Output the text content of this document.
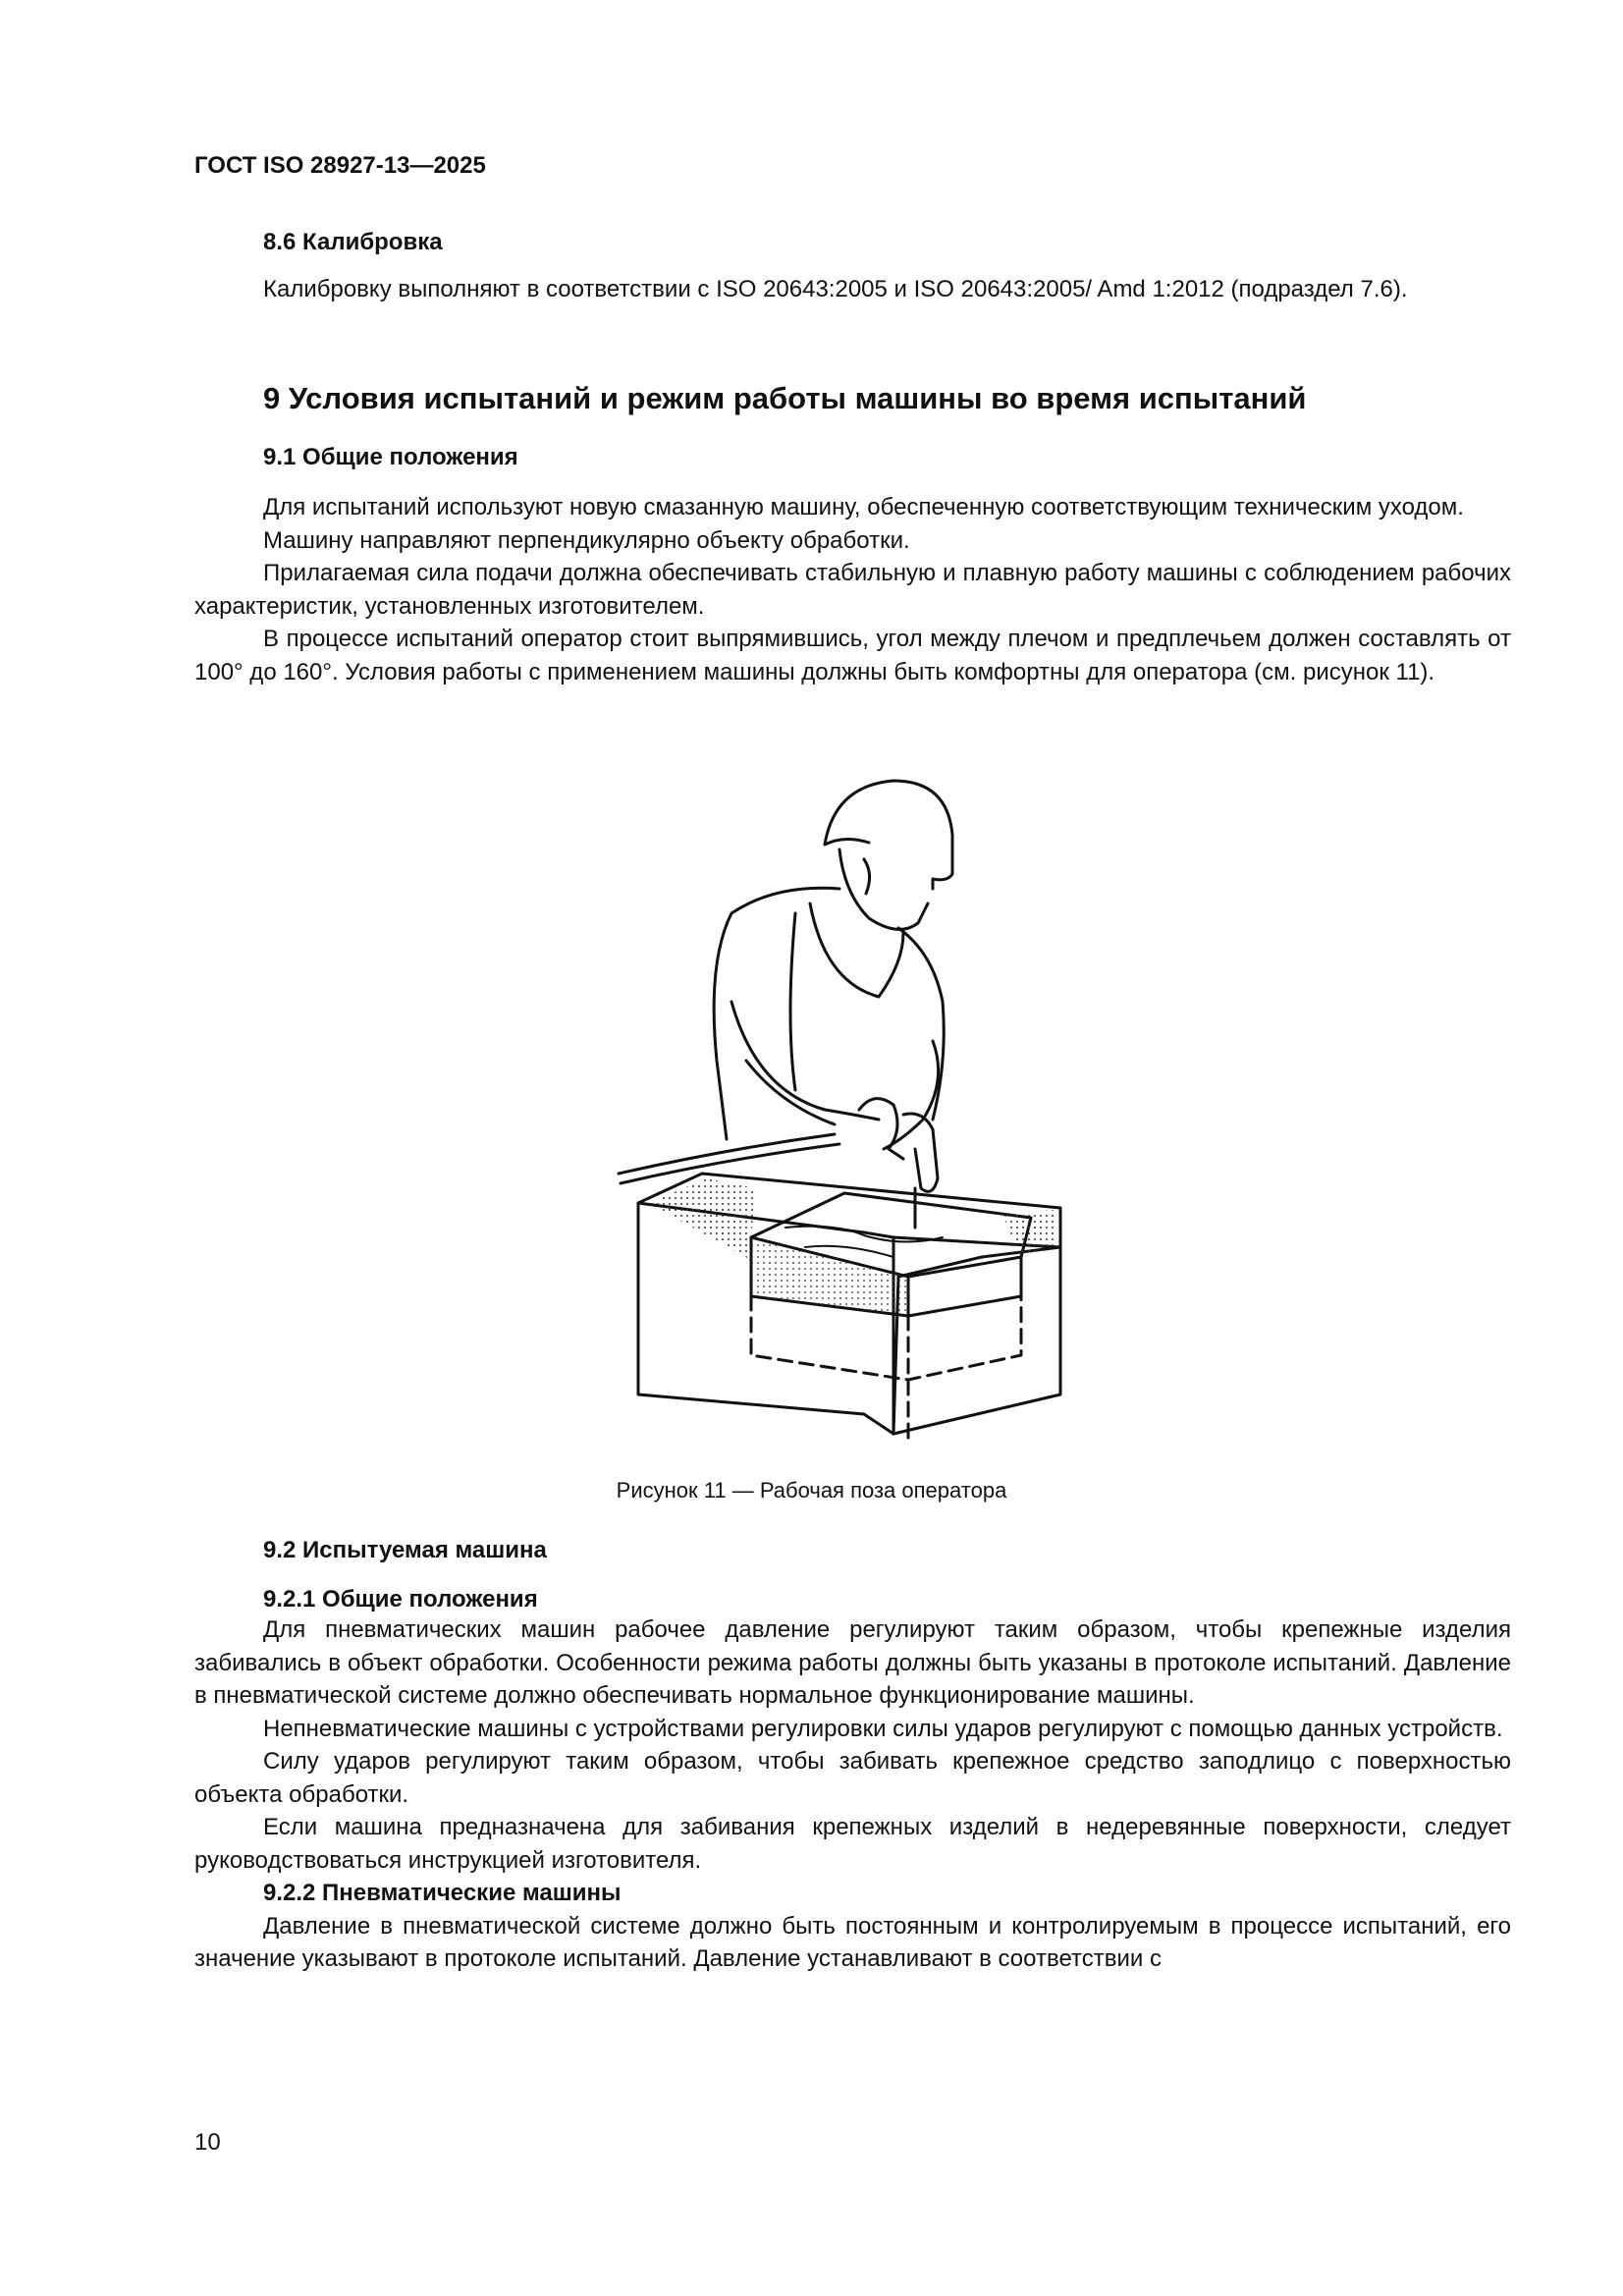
ГОСТ ISO 28927-13—2025
8.6 Калибровка

Калибровку выполняют в соответствии с ISO 20643:2005 и ISO 20643:2005/ Amd 1:2012 (подраздел 7.6).

9 Условия испытаний и режим работы машины во время испытаний
9.1 Общие положения

Для испытаний используют новую смазанную машину, обеспеченную соответствующим техническим уходом.

Машину направляют перпендикулярно объекту обработки.

Прилагаемая сила подачи должна обеспечивать стабильную и плавную работу машины с соблюдением рабочих характеристик, установленных изготовителем.

В процессе испытаний оператор стоит выпрямившись, угол между плечом и предплечьем должен составлять от 100° до 160°. Условия работы с применением машины должны быть комфортны для оператора (см. рисунок 11).

Рисунок 11 — Рабочая поза оператора
9.2 Испытуемая машина
9.2.1 Общие положения

Для пневматических машин рабочее давление регулируют таким образом, чтобы крепежные изделия забивались в объект обработки. Особенности режима работы должны быть указаны в протоколе испытаний. Давление в пневматической системе должно обеспечивать нормальное функционирование машины.

Непневматические машины с устройствами регулировки силы ударов регулируют с помощью данных устройств.

Силу ударов регулируют таким образом, чтобы забивать крепежное средство заподлицо с поверхностью объекта обработки.

Если машина предназначена для забивания крепежных изделий в недеревянные поверхности, следует руководствоваться инструкцией изготовителя.

9.2.2 Пневматические машины

Давление в пневматической системе должно быть постоянным и контролируемым в процессе испытаний, его значение указывают в протоколе испытаний. Давление устанавливают в соответствии с

10
